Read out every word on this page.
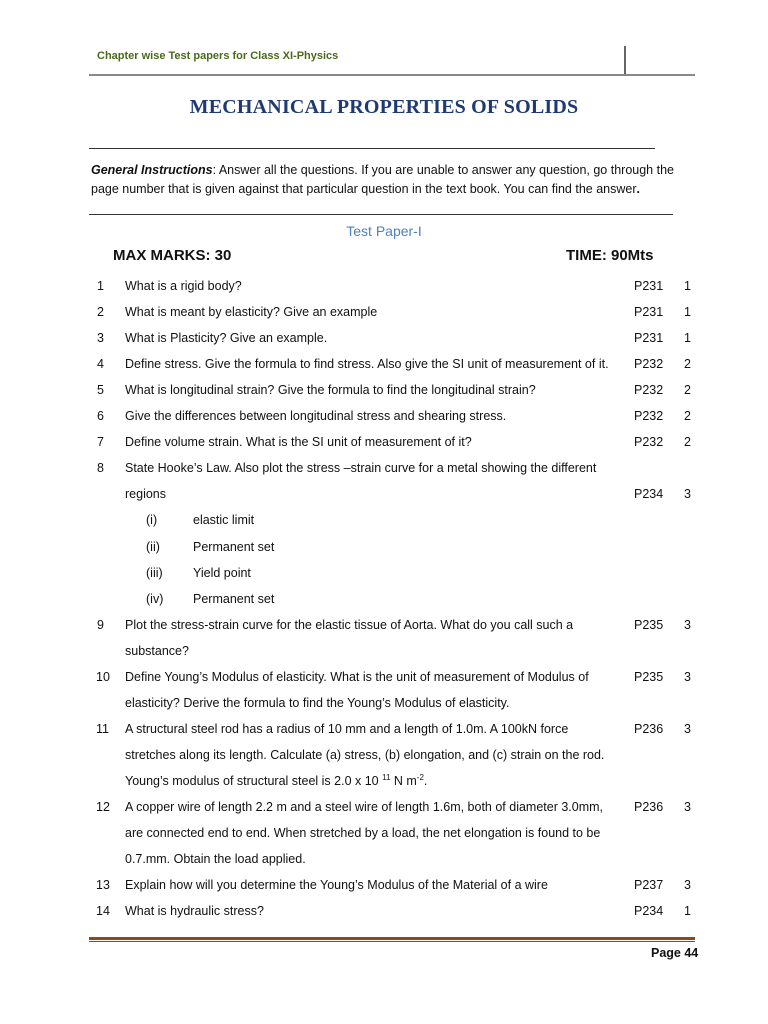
Chapter wise Test papers for Class XI-Physics
MECHANICAL PROPERTIES OF SOLIDS
General Instructions: Answer all the questions. If you are unable to answer any question, go through the page number that is given against that particular question in the text book. You can find the answer.
Test Paper-I
MAX MARKS: 30	TIME: 90Mts
1	What is a rigid body?	P231 1
2	What is meant by elasticity? Give an example	P231 1
3	What is Plasticity? Give an example.	P231 1
4	Define stress. Give the formula to find stress. Also give the SI unit of measurement of it.	P232 2
5	What is longitudinal strain? Give the formula to find the longitudinal strain?	P232 2
6	Give the differences between longitudinal stress and shearing stress.	P232 2
7	Define volume strain. What is the SI unit of measurement of it?	P232 2
8	State Hooke’s Law. Also plot the stress –strain curve for a metal showing the different
regions	P234 3
(i)	elastic limit
(ii)	Permanent set
(iii) Yield point
(iv) Permanent set
9	Plot the stress-strain curve for the elastic tissue of Aorta. What do you call such a
substance?
P235 3
10	Define Young’s Modulus of elasticity. What is the unit of measurement of Modulus of
elasticity? Derive the formula to find the Young’s Modulus of elasticity.
P235 3
11	A structural steel rod has a radius of 10 mm and a length of 1.0m. A 100kN force
stretches along its length. Calculate (a) stress, (b) elongation, and (c) strain on the rod.
Young’s modulus of structural steel is 2.0 x 10 $^{11}$ N $m^{-2}$.
P236 3
12	A copper wire of length 2.2 m and a steel wire of length 1.6m, both of diameter 3.0mm,
are connected end to end. When stretched by a load, the net elongation is found to be
0.7.mm. Obtain the load applied.
P236 3
13	Explain how will you determine the Young’s Modulus of the Material of a wire	P237 3
14	What is hydraulic stress?	P234 1
Page 44
